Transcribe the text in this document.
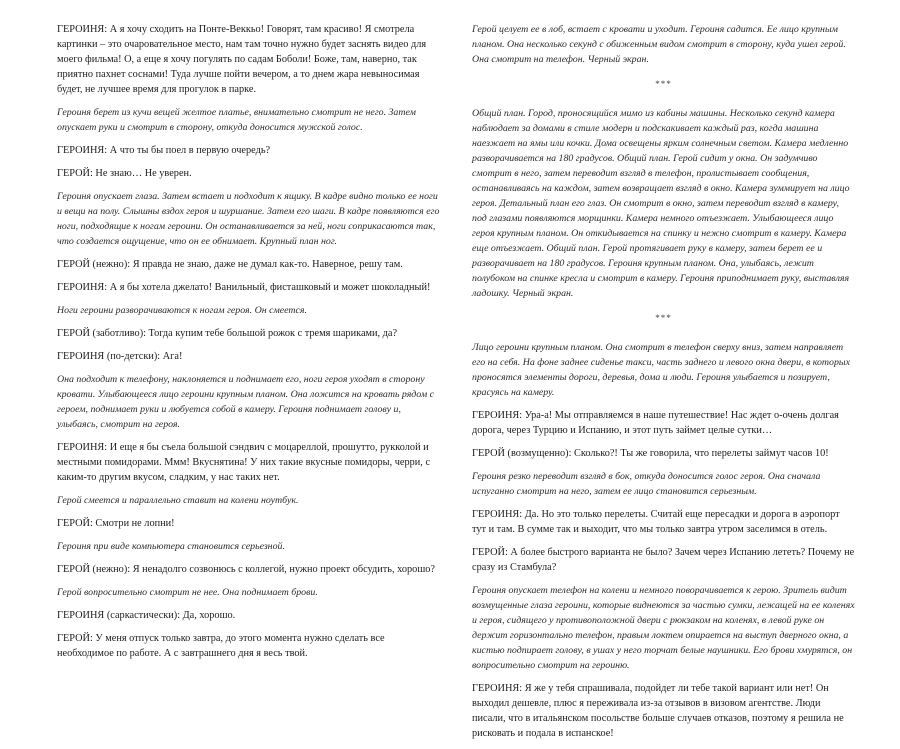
ГЕРОИНЯ: А я хочу сходить на Понте-Веккьо! Говорят, там красиво! Я смотрела картинки – это очаровательное место, нам там точно нужно будет заснять видео для моего фильма! О, а еще я хочу погулять по садам Боболи! Боже, там, наверно, так приятно пахнет соснами! Туда лучше пойти вечером, а то днем жара невыносимая будет, не лучшее время для прогулок в парке.

Героиня берет из кучи вещей желтое платье, внимательно смотрит не него. Затем опускает руки и смотрит в сторону, откуда доносится мужской голос.

ГЕРОИНЯ: А что ты бы поел в первую очередь?

ГЕРОЙ: Не знаю… Не уверен.

Героиня опускает глаза. Затем встает и подходит к ящику. В кадре видно только ее ноги и вещи на полу. Слышны вздох героя и шуршание. Затем его шаги. В кадре появляются его ноги, подходящие к ногам героини. Он останавливается за ней, ноги соприкасаются так, что создается ощущение, что он ее обнимает. Крупный план ног.

ГЕРОЙ (нежно): Я правда не знаю, даже не думал как-то. Наверное, решу там.

ГЕРОИНЯ: А я бы хотела джелато! Ванильный, фисташковый и может шоколадный!

Ноги героини разворачиваются к ногам героя. Он смеется.

ГЕРОЙ (заботливо): Тогда купим тебе большой рожок с тремя шариками, да?

ГЕРОИНЯ (по-детски): Ага!

Она подходит к телефону, наклоняется и поднимает его, ноги героя уходят в сторону кровати. Улыбающееся лицо героини крупным планом. Она ложится на кровать рядом с героем, поднимает руки и любуется собой в камеру. Героиня поднимает голову и, улыбаясь, смотрит на героя.

ГЕРОИНЯ: И еще я бы съела большой сэндвич с моцареллой, прошутто, рукколой и местными помидорами. Ммм! Вкуснятина! У них такие вкусные помидоры, черри, с каким-то другим вкусом, сладким, у нас таких нет.

Герой смеется и параллельно ставит на колени ноутбук.

ГЕРОЙ: Смотри не лопни!

Героиня при виде компьютера становится серьезной.

ГЕРОЙ (нежно): Я ненадолго созвонюсь с коллегой, нужно проект обсудить, хорошо?

Герой вопросительно смотрит не нее. Она поднимает брови.

ГЕРОИНЯ (саркастически): Да, хорошо.

ГЕРОЙ: У меня отпуск только завтра, до этого момента нужно сделать все необходимое по работе. А с завтрашнего дня я весь твой.

Герой целует ее в лоб, встает с кровати и уходит. Героиня садится. Ее лицо крупным планом. Она несколько секунд с обиженным видом смотрит в сторону, куда ушел герой. Она смотрит на телефон. Черный экран.

***

Общий план. Город, проносящийся мимо из кабины машины. Несколько секунд камера наблюдает за домами в стиле модерн и подскакивает каждый раз, когда машина наезжает на ямы или кочки. Дома освещены ярким солнечным светом. Камера медленно разворачивается на 180 градусов. Общий план. Герой сидит у окна. Он задумчиво смотрит в него, затем переводит взгляд в телефон, пролистывает сообщения, останавливаясь на каждом, затем возвращает взгляд в окно. Камера зуммирует на лицо героя. Детальный план его глаз. Он смотрит в окно, затем переводит взгляд в камеру, под глазами появляются морщинки. Камера немного отъезжает. Улыбающееся лицо героя крупным планом. Он откидывается на спинку и нежно смотрит в камеру. Камера еще отъезжает. Общий план. Герой протягивает руку в камеру, затем берет ее и разворачивает на 180 градусов. Героиня крупным планом. Она, улыбаясь, лежит полубоком на спинке кресла и смотрит в камеру. Героиня приподнимает руку, выставляя ладошку. Черный экран.

***

Лицо героини крупным планом. Она смотрит в телефон сверху вниз, затем направляет его на себя. На фоне заднее сиденье такси, часть заднего и левого окна двери, в которых проносятся элементы дороги, деревья, дома и люди. Героиня улыбается и позирует, красуясь на камеру.

ГЕРОИНЯ: Ура-а! Мы отправляемся в наше путешествие! Нас ждет о-очень долгая дорога, через Турцию и Испанию, и этот путь займет целые сутки…

ГЕРОЙ (возмущенно): Сколько?! Ты же говорила, что перелеты займут часов 10!

Героиня резко переводит взгляд в бок, откуда доносится голос героя. Она сначала испуганно смотрит на него, затем ее лицо становится серьезным.

ГЕРОИНЯ: Да. Но это только перелеты. Считай еще пересадки и дорога в аэропорт тут и там. В сумме так и выходит, что мы только завтра утром заселимся в отель.

ГЕРОЙ: А более быстрого варианта не было? Зачем через Испанию лететь? Почему не сразу из Стамбула?

Героиня опускает телефон на колени и немного поворачивается к герою. Зритель видит возмущенные глаза героини, которые виднеются за частью сумки, лежащей на ее коленях и героя, сидящего у противоположной двери с рюкзаком на коленях, в левой руке он держит горизонтально телефон, правым локтем опирается на выступ дверного окна, а кистью подпирает голову, в ушах у него торчат белые наушники. Его брови хмурятся, он вопросительно смотрит на героиню.

ГЕРОИНЯ: Я же у тебя спрашивала, подойдет ли тебе такой вариант или нет! Он выходил дешевле, плюс я переживала из-за отзывов в визовом агентстве. Люди писали, что в итальянском посольстве больше случаев отказов, поэтому я решила не рисковать и подала в испанское!
